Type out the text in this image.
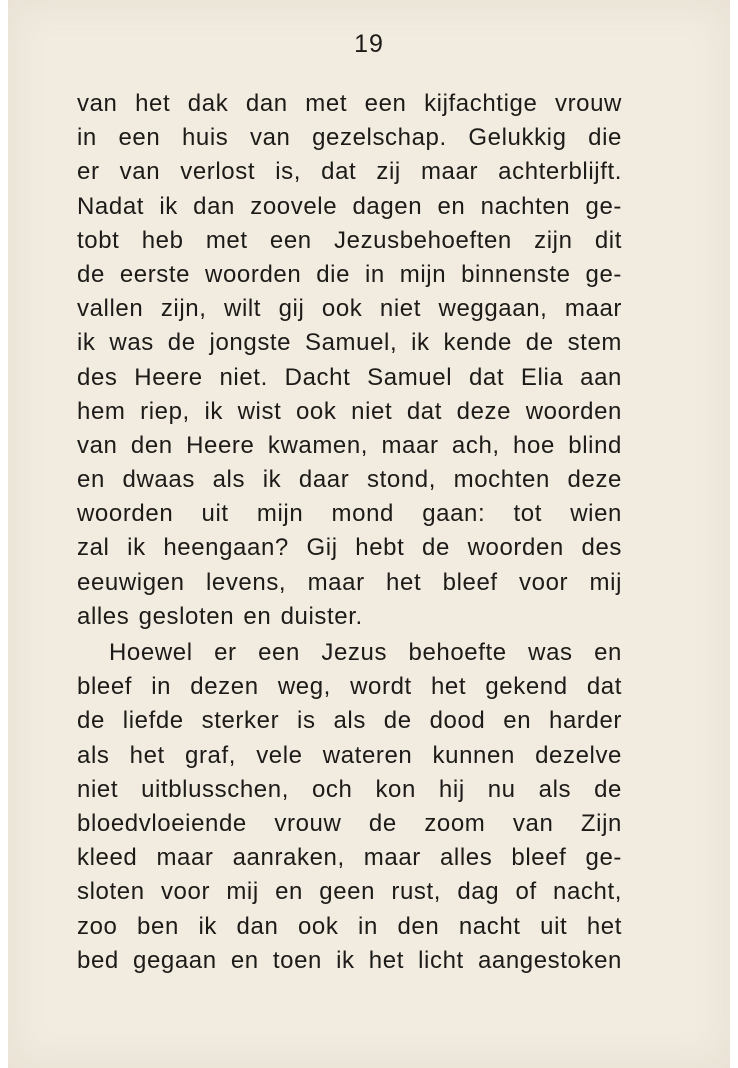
19
van het dak dan met een kijfachtige vrouw
in een huis van gezelschap. Gelukkig die
er van verlost is, dat zij maar achterblijft.
Nadat ik dan zoovele dagen en nachten ge-
tobt heb met een Jezusbehoeften zijn dit
de eerste woorden die in mijn binnenste ge-
vallen zijn, wilt gij ook niet weggaan, maar
ik was de jongste Samuel, ik kende de stem
des Heere niet. Dacht Samuel dat Elia aan
hem riep, ik wist ook niet dat deze woorden
van den Heere kwamen, maar ach, hoe blind
en dwaas als ik daar stond, mochten deze
woorden uit mijn mond gaan: tot wien
zal ik heengaan? Gij hebt de woorden des
eeuwigen levens, maar het bleef voor mij
alles gesloten en duister.
Hoewel er een Jezus behoefte was en
bleef in dezen weg, wordt het gekend dat
de liefde sterker is als de dood en harder
als het graf, vele wateren kunnen dezelve
niet uitblusschen, och kon hij nu als de
bloedvloeiende vrouw de zoom van Zijn
kleed maar aanraken, maar alles bleef ge-
sloten voor mij en geen rust, dag of nacht,
zoo ben ik dan ook in den nacht uit het
bed gegaan en toen ik het licht aangestoken
